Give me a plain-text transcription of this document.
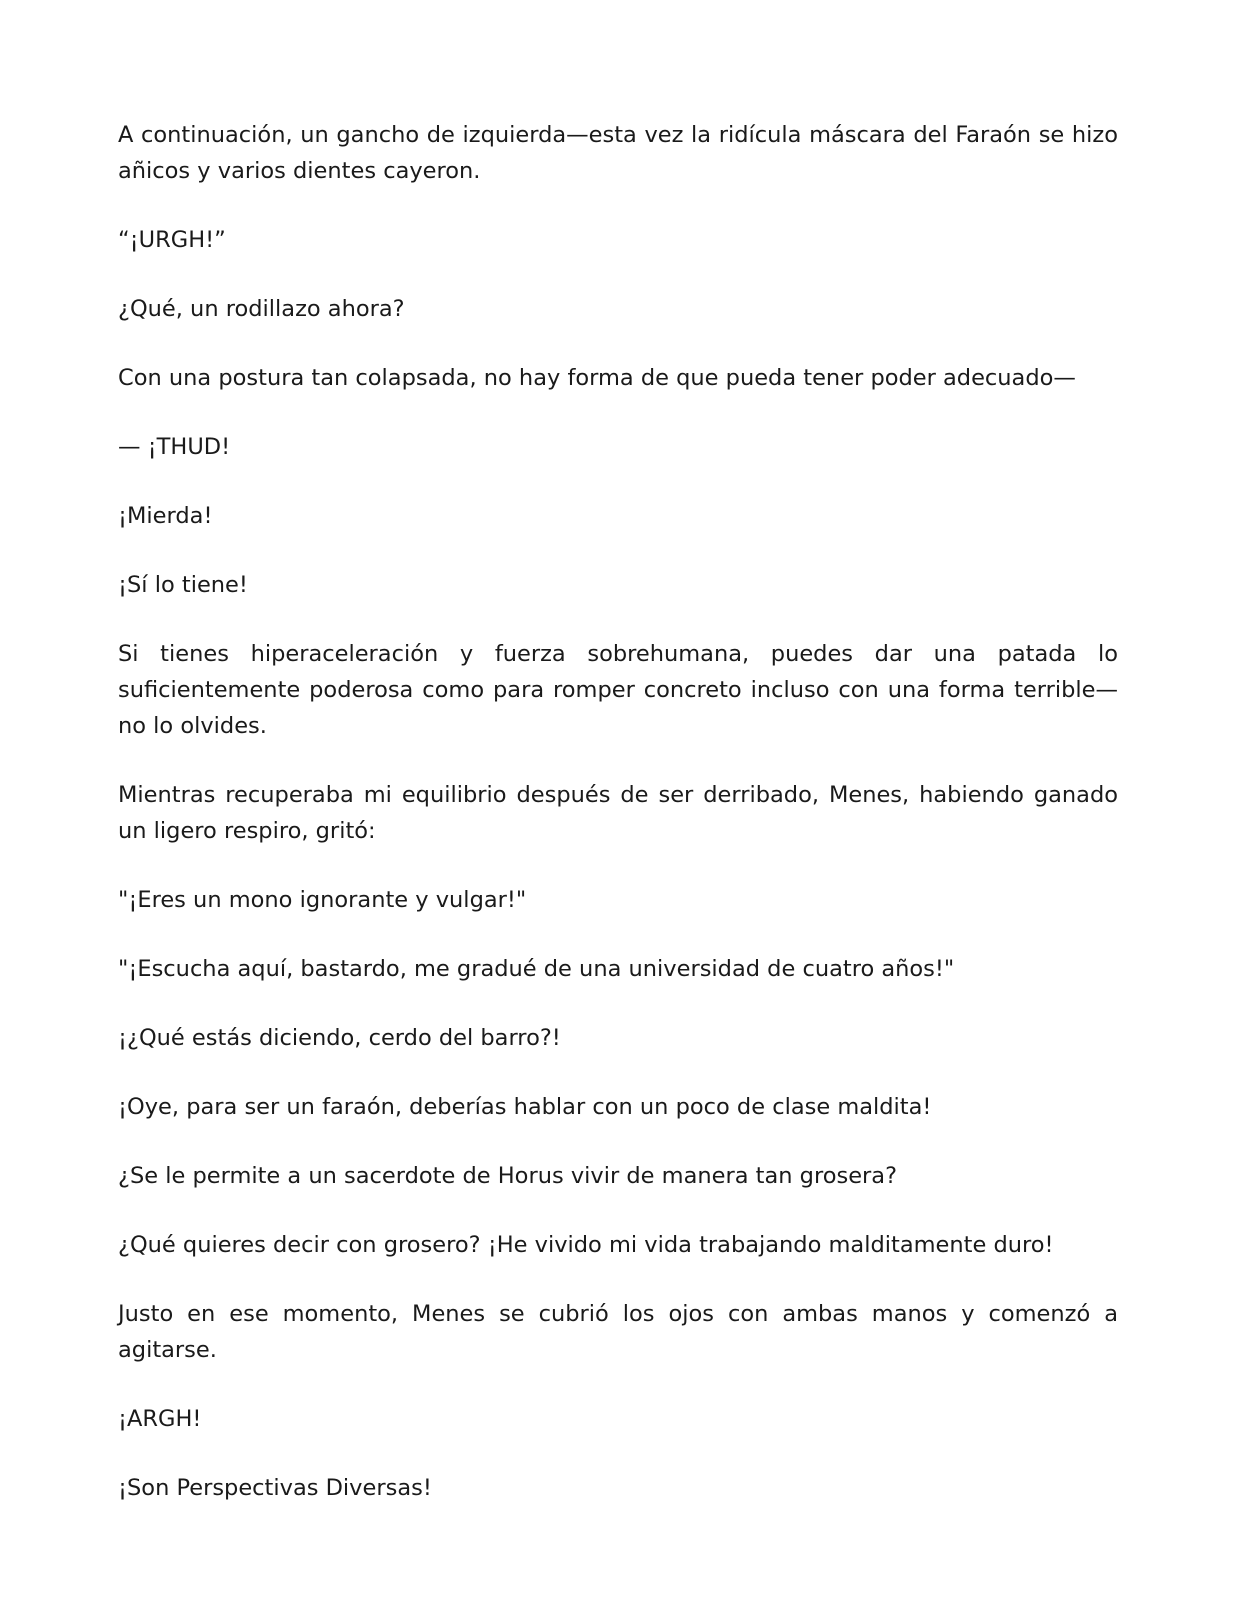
A continuación, un gancho de izquierda—esta vez la ridícula máscara del Faraón se hizo añicos y varios dientes cayeron.

“¡URGH!”

¿Qué, un rodillazo ahora?

Con una postura tan colapsada, no hay forma de que pueda tener poder adecuado—

— ¡THUD!

¡Mierda!

¡Sí lo tiene!

Si tienes hiperaceleración y fuerza sobrehumana, puedes dar una patada lo suficientemente poderosa como para romper concreto incluso con una forma terrible—no lo olvides.

Mientras recuperaba mi equilibrio después de ser derribado, Menes, habiendo ganado un ligero respiro, gritó:

"¡Eres un mono ignorante y vulgar!"

"¡Escucha aquí, bastardo, me gradué de una universidad de cuatro años!"

¡¿Qué estás diciendo, cerdo del barro?!

¡Oye, para ser un faraón, deberías hablar con un poco de clase maldita!

¿Se le permite a un sacerdote de Horus vivir de manera tan grosera?

¿Qué quieres decir con grosero? ¡He vivido mi vida trabajando malditamente duro!

Justo en ese momento, Menes se cubrió los ojos con ambas manos y comenzó a agitarse.

¡ARGH!

¡Son Perspectivas Diversas!
